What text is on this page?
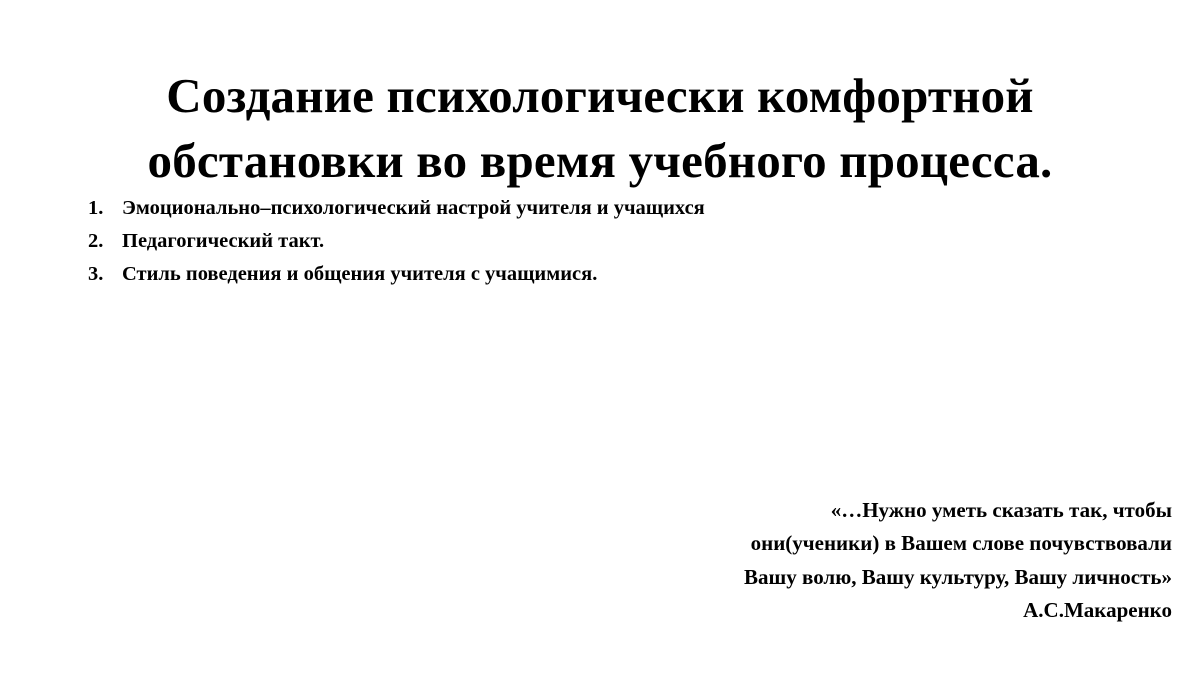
Создание психологически комфортной обстановки во время учебного процесса.
1. Эмоционально–психологический настрой учителя и учащихся
2. Педагогический такт.
3. Стиль поведения и общения учителя с учащимися.
«…Нужно уметь сказать так, чтобы
они(ученики) в Вашем слове почувствовали
Вашу волю, Вашу культуру, Вашу личность»
А.С.Макаренко
